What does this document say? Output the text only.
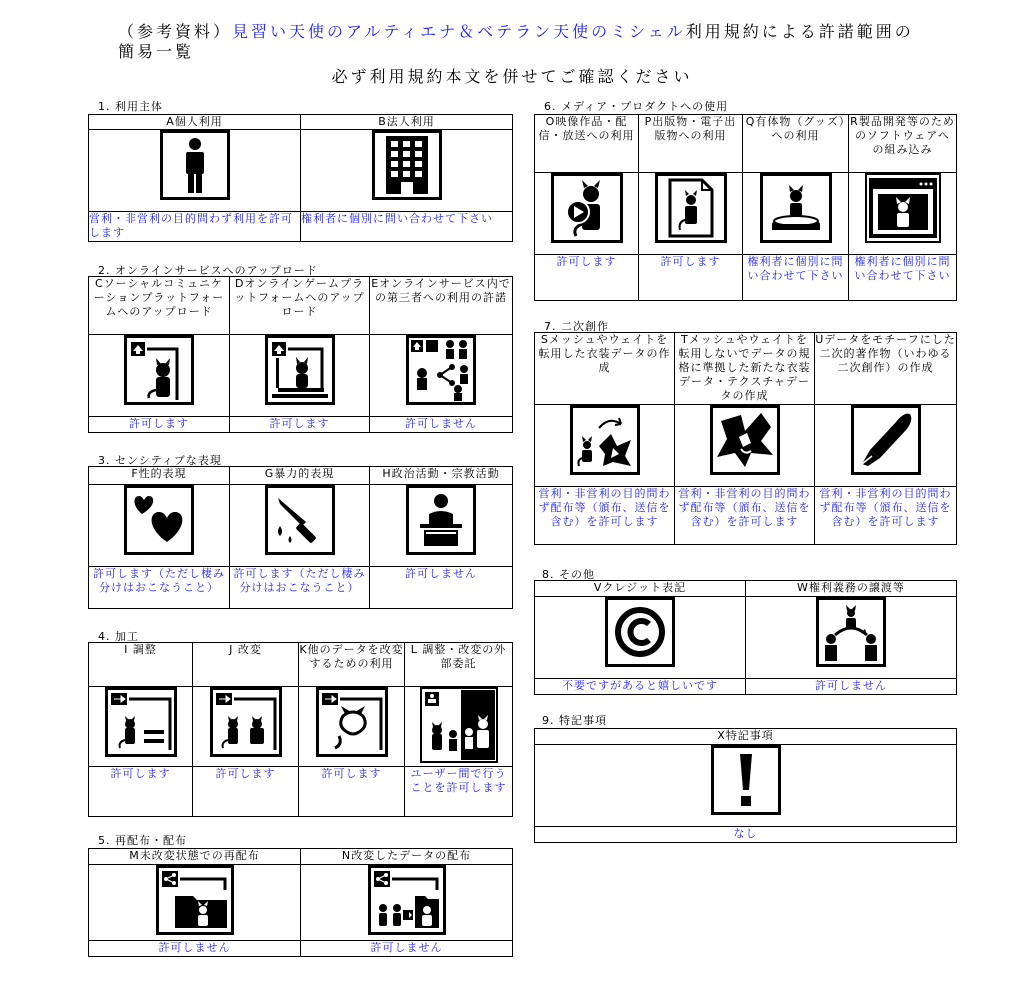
（参考資料）見習い天使のアルティエナ＆ベテラン天使のミシェル利用規約による許諾範囲の
簡易一覧
必ず利用規約本文を併せてご確認ください
1. 利用主体
A個人利用	B法人利用

営利・非営利の目的問わず利用を許可します	権利者に個別に問い合わせて下さい
2. オンラインサービスへのアップロード
Cソーシャルコミュニケーションプラットフォームへのアップロード	Dオンラインゲームプラットフォームへのアップロード	Eオンラインサービス内での第三者への利用の許諾

許可します	許可します	許可しません
3. センシティブな表現
F性的表現	G暴力的表現	H政治活動・宗教活動

許可します（ただし棲み分けはおこなうこと）	許可します（ただし棲み分けはおこなうこと）	許可しません
4. 加工
I 調整	J 改変	K他のデータを改変するための利用	L 調整・改変の外部委託

許可します	許可します	許可します	ユーザー間で行うことを許可します
5. 再配布・配布
M未改変状態での再配布	N改変したデータの配布

許可しません	許可しません
6. メディア・プロダクトへの使用
O映像作品・配信・放送への利用	P出版物・電子出版物への利用	Q有体物（グッズ）への利用	R製品開発等のためのソフトウェアへの組み込み

許可します	許可します	権利者に個別に問い合わせて下さい	権利者に個別に問い合わせて下さい
7. 二次創作
Sメッシュやウェイトを転用した衣装データの作成	Tメッシュやウェイトを転用しないでデータの規格に準拠した新たな衣装データ・テクスチャデータの作成	Uデータをモチーフにした二次的著作物（いわゆる二次創作）の作成

営利・非営利の目的問わず配布等（頒布、送信を含む）を許可します	営利・非営利の目的問わず配布等（頒布、送信を含む）を許可します	営利・非営利の目的問わず配布等（頒布、送信を含む）を許可します
8. その他
Vクレジット表記	W権利義務の譲渡等

不要ですがあると嬉しいです	許可しません
9. 特記事項
X特記事項

なし
